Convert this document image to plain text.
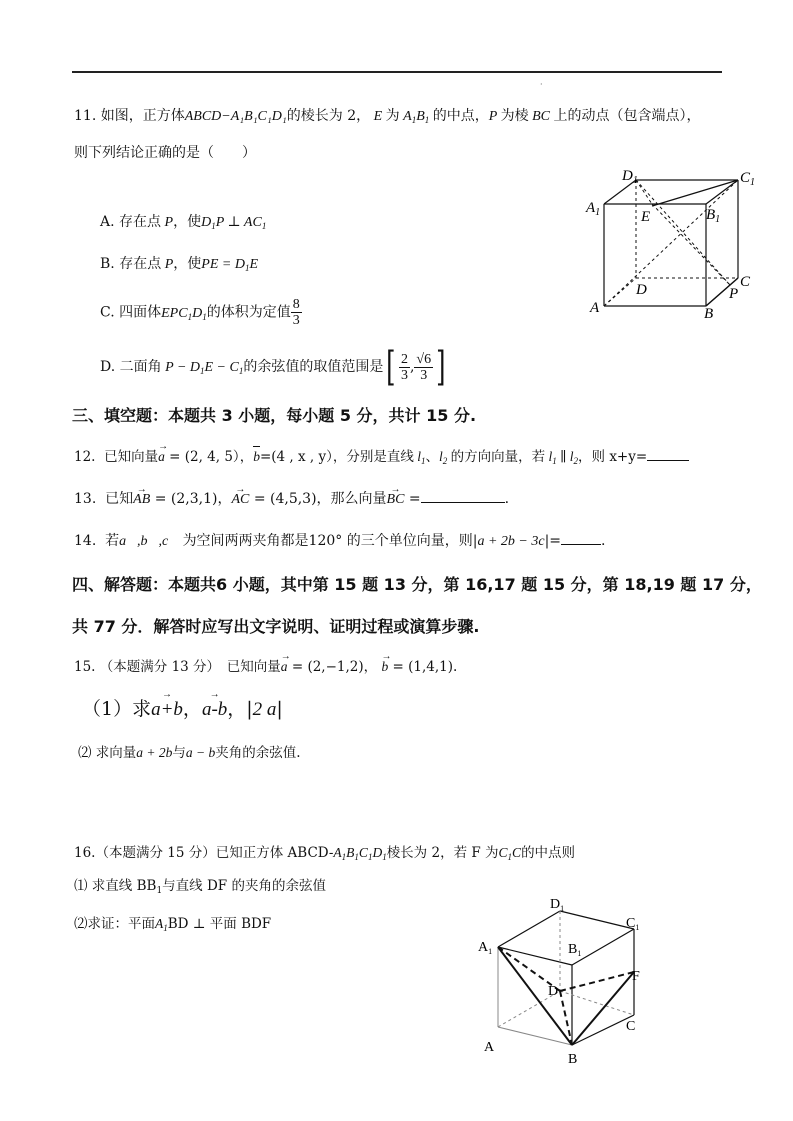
·
11. 如图，正方体ABCD−A₁B₁C₁D₁的棱长为 2， E 为 $A_1B_1$ 的中点，P 为棱 BC 上的动点（包含端点），
则下列结论正确的是（　　）
A. 存在点 P，使$D_1P$ ⊥ $AC_1$
B. 存在点 P，使PE = $D_1E$
C. 四面体$EPC_1D_1$的体积为定值 $\frac{8}{3}$
D. 二面角 $P - D_1E - C_1$的余弦值的取值范围是[ $\frac{2}{3}$ , $\frac{√6}{3}$ ]
$D_1$	$C_1$
$A_1$	$B_1$
E
D	C
P
A	B
三、填空题：本题共 3 小题，每小题 5 分，共计 15 分.
12. 已知向量→ a = (2, 4, 5），b=(4 , x , y），分别是直线 $l_1$、$l_2$ 的方向向量，若 $l_1$ ∥ $l_2$，则 x+y=
13. 已知→ AB = (2,3,1)，→ AC = (4,5,3)，那么向量→ BC =	.
14. 若a⃗,b⃗,c⃗ 为空间两两夹角都是120° 的三个单位向量，则|a + 2b − 3c|=	.
四、解答题：本题共6 小题，其中第 15 题 13 分，第 16,17 题 15 分，第 18,19 题 17 分，
共 77 分．解答时应写出文字说明、证明过程或演算步骤.
15. （本题满分 13 分）　已知向量→ a = (2,−1,2)， → b = (1,4,1).
（1）求→ a+b，→ a-b，|2 a|
⑵ 求向量a + 2b与a − b夹角的余弦值.
16.（本题满分 15 分）已知正方体 ABCD-$A_1B_1C_1D_1$棱长为 2，若 F 为$C_1C$的中点则
⑴ 求直线 $BB_1$与直线 DF 的夹角的余弦值
⑵求证：平面$A_1BD$ ⊥ 平面 BDF
$D_1$
$C_1$
$A_1$	$B_1$
F
D
C
A
B
